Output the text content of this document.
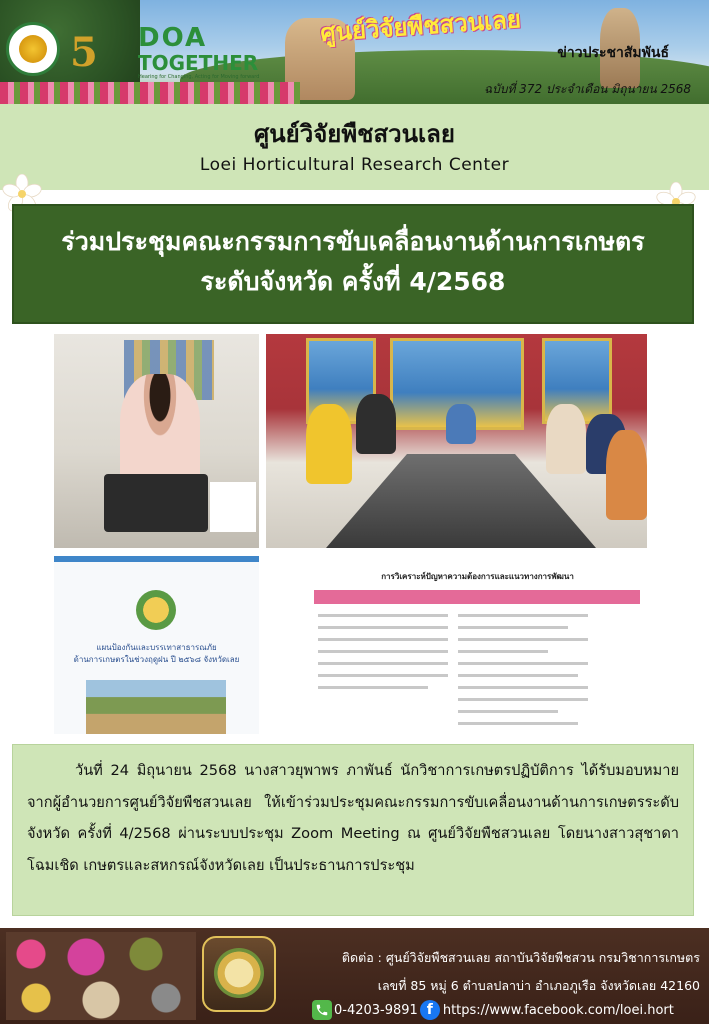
5	DOA
TOGETHER
Hearing for Changing, Acting for Moving forward
ศูนย์วิจัยพืชสวนเลย
ข่าวประชาสัมพันธ์
ฉบับที่ 372 ประจำเดือน มิถุนายน 2568
ศูนย์วิจัยพืชสวนเลย
Loei Horticultural Research Center
ร่วมประชุมคณะกรรมการขับเคลื่อนงานด้านการเกษตร
ระดับจังหวัด ครั้งที่ 4/2568
แผนป้องกันและบรรเทาสาธารณภัย
ด้านการเกษตรในช่วงฤดูฝน ปี ๒๕๖๘ จังหวัดเลย
การวิเคราะห์ปัญหาความต้องการและแนวทางการพัฒนา
วันที่ 24 มิถุนายน 2568 นางสาวยุพาพร ภาพันธ์ นักวิชาการเกษตรปฏิบัติการ ได้รับมอบหมายจากผู้อำนวยการศูนย์วิจัยพืชสวนเลย ให้เข้าร่วมประชุมคณะกรรมการขับเคลื่อนงานด้านการเกษตรระดับจังหวัด ครั้งที่ 4/2568 ผ่านระบบประชุม Zoom Meeting ณ ศูนย์วิจัยพืชสวนเลย โดยนางสาวสุชาดา โฉมเชิด เกษตรและสหกรณ์จังหวัดเลย เป็นประธานการประชุม
ติดต่อ : ศูนย์วิจัยพืชสวนเลย สถาบันวิจัยพืชสวน กรมวิชาการเกษตร
เลขที่ 85 หมู่ 6 ตำบลปลาบ่า อำเภอภูเรือ จังหวัดเลย 42160
0-4203-9891 f https://www.facebook.com/loei.hort
